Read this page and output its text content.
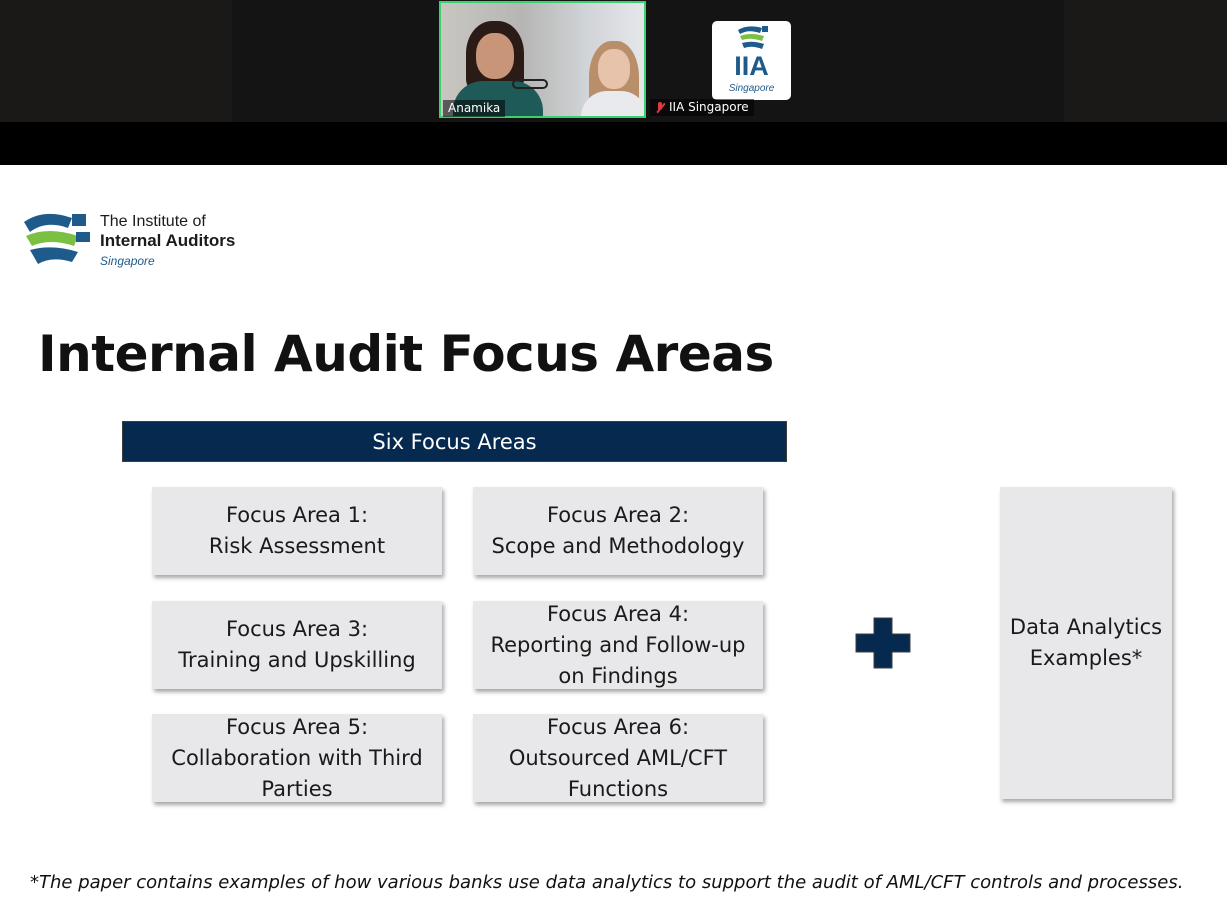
Anamika
IIA
Singapore
IIA Singapore
The Institute of
Internal Auditors
Singapore
Internal Audit Focus Areas
Six Focus Areas
Focus Area 1:
Risk Assessment
Focus Area 2:
Scope and Methodology
Focus Area 3:
Training and Upskilling
Focus Area 4:
Reporting and Follow-up on Findings
Focus Area 5:
Collaboration with Third Parties
Focus Area 6:
Outsourced AML/CFT Functions
Data Analytics Examples*
*The paper contains examples of how various banks use data analytics to support the audit of AML/CFT controls and processes.
